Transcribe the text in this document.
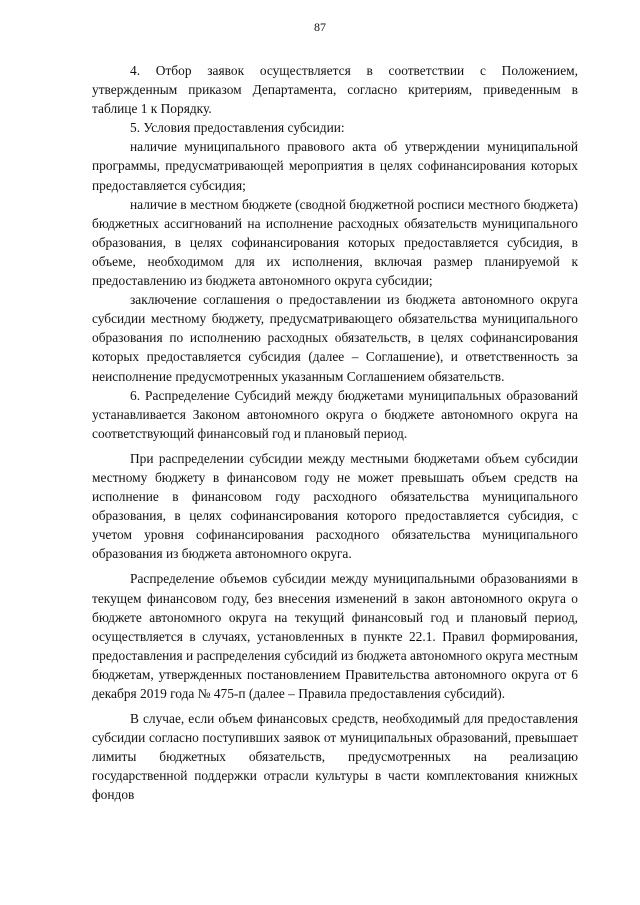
87

4. Отбор заявок осуществляется в соответствии с Положением, утвержденным приказом Департамента, согласно критериям, приведенным в таблице 1 к Порядку.

5. Условия предоставления субсидии:

наличие муниципального правового акта об утверждении муниципальной программы, предусматривающей мероприятия в целях софинансирования которых предоставляется субсидия;

наличие в местном бюджете (сводной бюджетной росписи местного бюджета) бюджетных ассигнований на исполнение расходных обязательств муниципального образования, в целях софинансирования которых предоставляется субсидия, в объеме, необходимом для их исполнения, включая размер планируемой к предоставлению из бюджета автономного округа субсидии;

заключение соглашения о предоставлении из бюджета автономного округа субсидии местному бюджету, предусматривающего обязательства муниципального образования по исполнению расходных обязательств, в целях софинансирования которых предоставляется субсидия (далее – Соглашение), и ответственность за неисполнение предусмотренных указанным Соглашением обязательств.

6. Распределение Субсидий между бюджетами муниципальных образований устанавливается Законом автономного округа о бюджете автономного округа на соответствующий финансовый год и плановый период.

При распределении субсидии между местными бюджетами объем субсидии местному бюджету в финансовом году не может превышать объем средств на исполнение в финансовом году расходного обязательства муниципального образования, в целях софинансирования которого предоставляется субсидия, с учетом уровня софинансирования расходного обязательства муниципального образования из бюджета автономного округа.

Распределение объемов субсидии между муниципальными образованиями в текущем финансовом году, без внесения изменений в закон автономного округа о бюджете автономного округа на текущий финансовый год и плановый период, осуществляется в случаях, установленных в пункте 22.1. Правил формирования, предоставления и распределения субсидий из бюджета автономного округа местным бюджетам, утвержденных постановлением Правительства автономного округа от 6 декабря 2019 года № 475-п (далее – Правила предоставления субсидий).

В случае, если объем финансовых средств, необходимый для предоставления субсидии согласно поступивших заявок от муниципальных образований, превышает лимиты бюджетных обязательств, предусмотренных на реализацию государственной поддержки отрасли культуры в части комплектования книжных фондов
